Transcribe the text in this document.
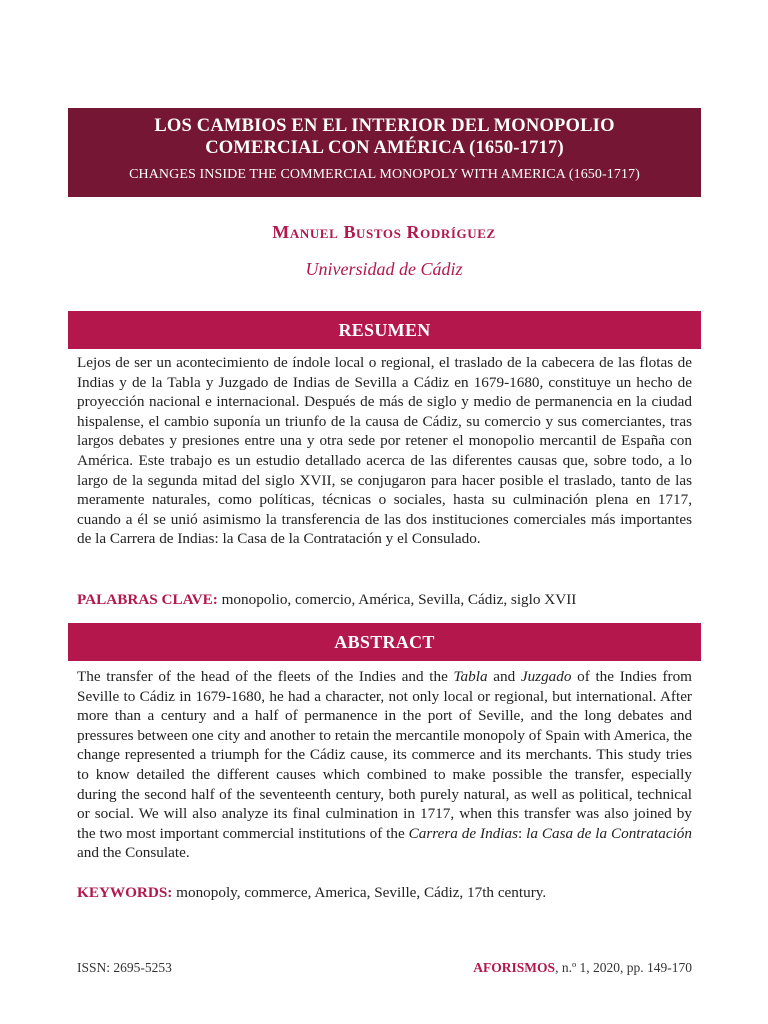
LOS CAMBIOS EN EL INTERIOR DEL MONOPOLIO
COMERCIAL CON AMÉRICA (1650-1717)
CHANGES INSIDE THE COMMERCIAL MONOPOLY WITH AMERICA (1650-1717)
Manuel Bustos Rodríguez
Universidad de Cádiz
RESUMEN

Lejos de ser un acontecimiento de índole local o regional, el traslado de la cabecera de las flotas de Indias y de la Tabla y Juzgado de Indias de Sevilla a Cádiz en 1679-1680, constituye un hecho de proyección nacional e internacional. Después de más de siglo y medio de permanencia en la ciudad hispalense, el cambio suponía un triunfo de la causa de Cádiz, su comercio y sus comerciantes, tras largos debates y presiones entre una y otra sede por retener el monopolio mercantil de España con América. Este trabajo es un estudio detallado acerca de las diferentes causas que, sobre todo, a lo largo de la segunda mitad del siglo XVII, se conjugaron para hacer posible el traslado, tanto de las meramente naturales, como políticas, técnicas o sociales, hasta su culminación plena en 1717, cuando a él se unió asimismo la transferencia de las dos instituciones comerciales más importantes de la Carrera de Indias: la Casa de la Contratación y el Consulado.

PALABRAS CLAVE: monopolio, comercio, América, Sevilla, Cádiz, siglo XVII

ABSTRACT

The transfer of the head of the fleets of the Indies and the Tabla and Juzgado of the Indies from Seville to Cádiz in 1679-1680, he had a character, not only local or regional, but international. After more than a century and a half of permanence in the port of Seville, and the long debates and pressures between one city and another to retain the mercantile monopoly of Spain with America, the change represented a triumph for the Cádiz cause, its commerce and its merchants. This study tries to know detailed the different causes which combined to make possible the transfer, especially during the second half of the seventeenth century, both purely natural, as well as political, technical or social. We will also analyze its final culmination in 1717, when this transfer was also joined by the two most important commercial institutions of the Carrera de Indias: la Casa de la Contratación and the Consulate.

KEYWORDS: monopoly, commerce, America, Seville, Cádiz, 17th century.

ISSN: 2695-5253	AFORISMOS, n.º 1, 2020, pp. 149-170
